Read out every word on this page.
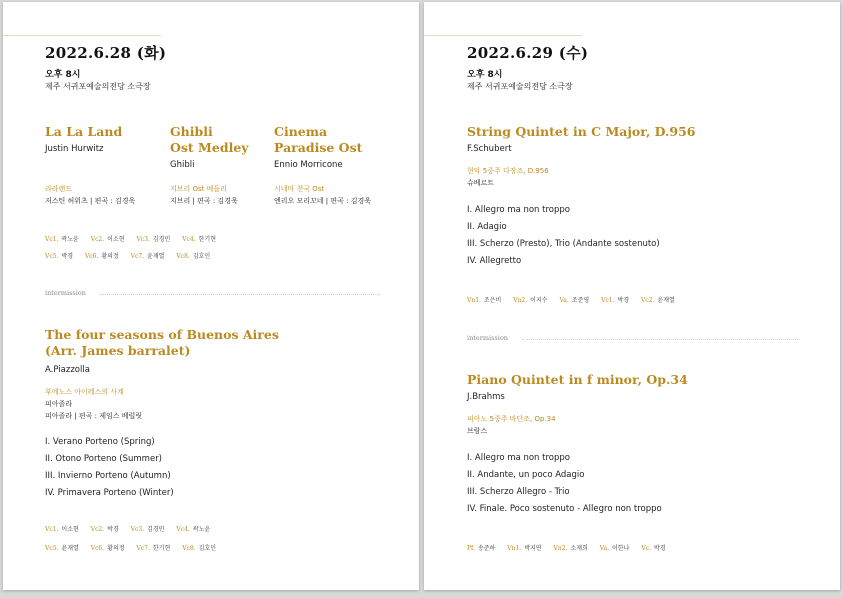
2022.6.28 (화)
오후 8시
제주 서귀포예술의전당 소극장
La La Land
Justin Hurwitz
라라랜드
저스틴 허위츠 | 편곡 : 김경욱
Ghibli
Ost Medley
Ghibli
지브리 Ost 메들리
지브리 | 편곡 : 김경욱
Cinema
Paradise Ost
Ennio Morricone
시네마 천국 Ost
엔리오 모리꼬네 | 편곡 : 김경욱
Vc1. 곽노윤 Vc2. 이소현 Vc3. 김경민 Vc4. 한기현
Vc5. 박경 Vc6. 황의정 Vc7. 윤재열 Vc8. 김호인
intermission
The four seasons of Buenos Aires
(Arr. James barralet)
A.Piazzolla
부에노스 아이레스의 사계
피아졸라
피아졸라 | 편곡 : 제임스 베럴릿
I. Verano Porteno (Spring)
II. Otono Porteno (Summer)
III. Invierno Porteno (Autumn)
IV. Primavera Porteno (Winter)
Vc1. 이소현 Vc2. 박경 Vc3. 김경민 Vc4. 곽노윤
Vc5. 윤재열 Vc6. 황의정 Vc7. 한기현 Vc8. 김호인
2022.6.29 (수)
오후 8시
제주 서귀포예술의전당 소극장
String Quintet in C Major, D.956
F.Schubert
현악 5중주 다장조, D.956
슈베르트
I. Allegro ma non troppo
II. Adagio
III. Scherzo (Presto), Trio (Andante sostenuto)
IV. Allegretto
Vn1. 조은비 Vn2. 이지수 Va. 조준영 Vc1. 박경 Vc2. 윤재열
intermission
Piano Quintet in f minor, Op.34
J.Brahms
피아노 5중주 바단조, Op.34
브람스
I. Allegro ma non troppo
II. Andante, un poco Adagio
III. Scherzo Allegro - Trio
IV. Finale. Poco sostenuto - Allegro non troppo
Pf. 송준하 Vn1. 박지연 Vn2. 소재희 Va. 이한나 Vc. 박경
